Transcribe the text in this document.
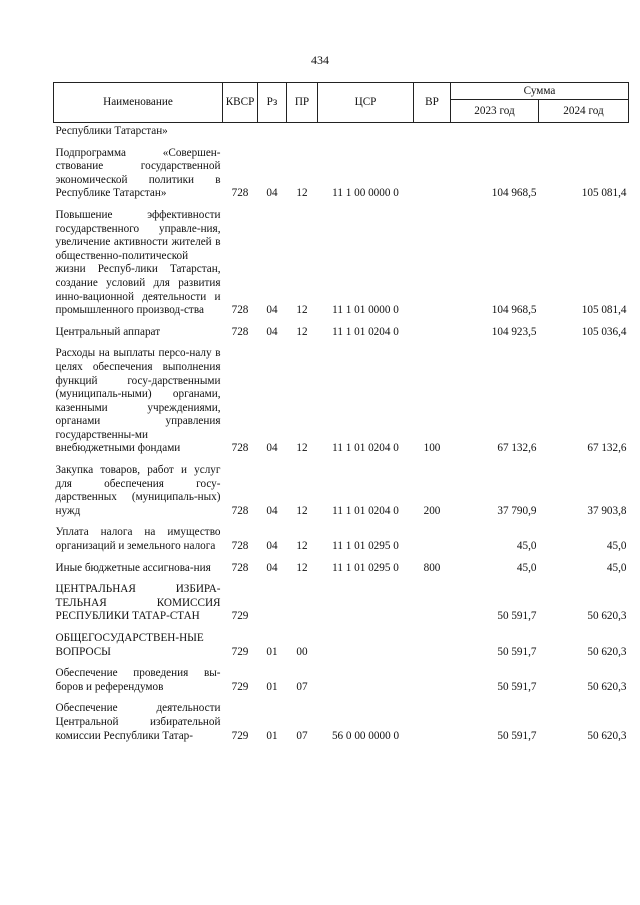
434
Наименование	КВСР	Рз	ПР	ЦСР	ВР	Сумма	
						2023 год	2024 год
Республики Татарстан»							
Подпрограмма «Совершен-ствование государственной экономической политики в Республике Татарстан»	728	04	12	11 1 00 0000 0		104 968,5	105 081,4
Повышение эффективности государственного управле-ния, увеличение активности жителей в общественно-политической жизни Респуб-лики Татарстан, создание условий для развития инно-вационной деятельности и промышленного производ-ства	728	04	12	11 1 01 0000 0		104 968,5	105 081,4
Центральный аппарат	728	04	12	11 1 01 0204 0		104 923,5	105 036,4
Расходы на выплаты персо-налу в целях обеспечения выполнения функций госу-дарственными (муниципаль-ными) органами, казенными учреждениями, органами управления государственны-ми внебюджетными фондами	728	04	12	11 1 01 0204 0	100	67 132,6	67 132,6
Закупка товаров, работ и услуг для обеспечения госу-дарственных (муниципаль-ных) нужд	728	04	12	11 1 01 0204 0	200	37 790,9	37 903,8
Уплата налога на имущество организаций и земельного налога	728	04	12	11 1 01 0295 0		45,0	45,0
Иные бюджетные ассигнова-ния	728	04	12	11 1 01 0295 0	800	45,0	45,0
ЦЕНТРАЛЬНАЯ ИЗБИРА-ТЕЛЬНАЯ КОМИССИЯ РЕСПУБЛИКИ ТАТАР-СТАН	729					50 591,7	50 620,3
ОБЩЕГОСУДАРСТВЕН-НЫЕ ВОПРОСЫ	729	01	00			50 591,7	50 620,3
Обеспечение проведения вы-боров и референдумов	729	01	07			50 591,7	50 620,3
Обеспечение деятельности Центральной избирательной комиссии Республики Татар-	729	01	07	56 0 00 0000 0		50 591,7	50 620,3
